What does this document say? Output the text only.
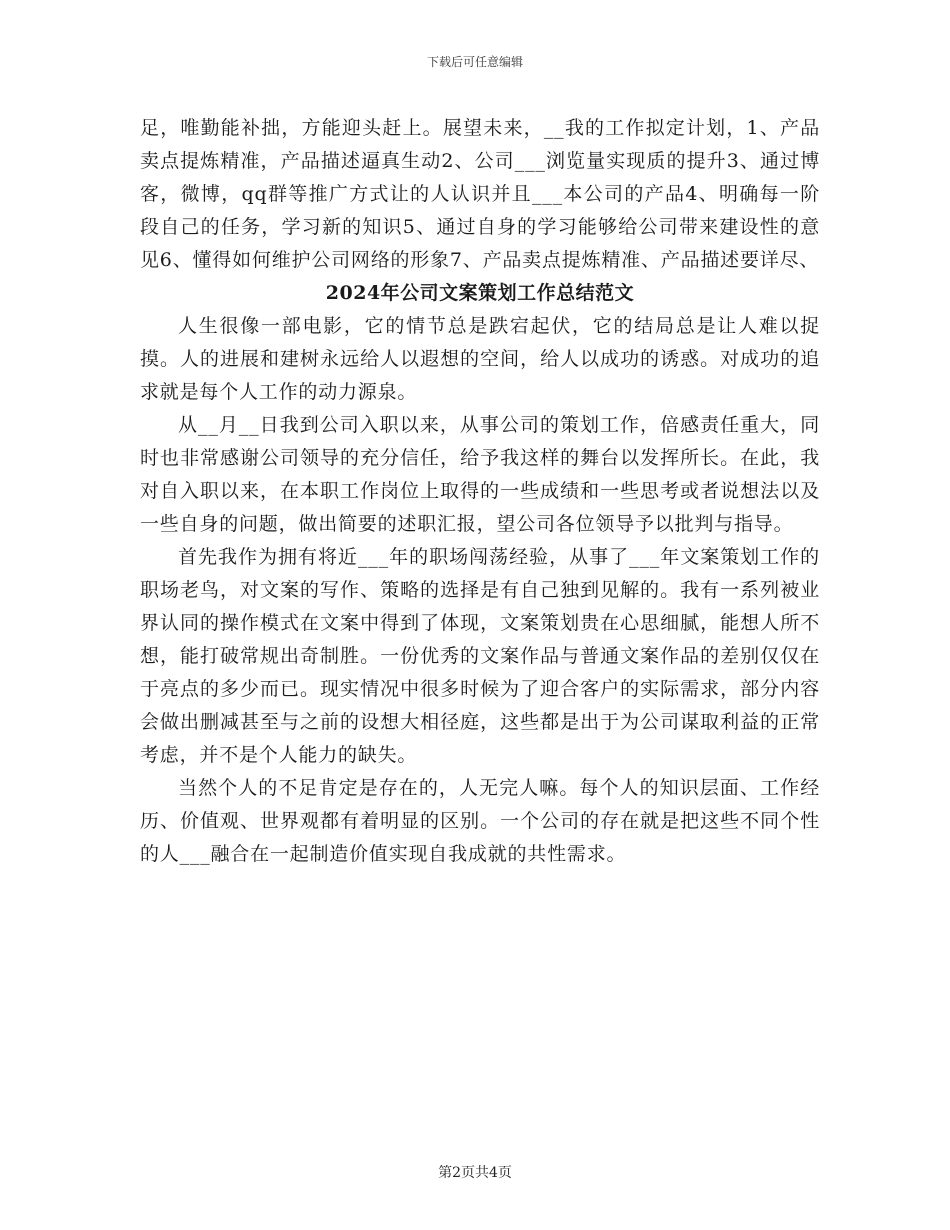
下载后可任意编辑

足，唯勤能补拙，方能迎头赶上。展望未来，__我的工作拟定计划，1、产品卖点提炼精准，产品描述逼真生动2、公司___浏览量实现质的提升3、通过博客，微博，qq群等推广方式让的人认识并且___本公司的产品4、明确每一阶段自己的任务，学习新的知识5、通过自身的学习能够给公司带来建设性的意见6、懂得如何维护公司网络的形象7、产品卖点提炼精准、产品描述要详尽、

2024年公司文案策划工作总结范文

人生很像一部电影，它的情节总是跌宕起伏，它的结局总是让人难以捉摸。人的进展和建树永远给人以遐想的空间，给人以成功的诱惑。对成功的追求就是每个人工作的动力源泉。

从__月__日我到公司入职以来，从事公司的策划工作，倍感责任重大，同时也非常感谢公司领导的充分信任，给予我这样的舞台以发挥所长。在此，我对自入职以来，在本职工作岗位上取得的一些成绩和一些思考或者说想法以及一些自身的问题，做出简要的述职汇报，望公司各位领导予以批判与指导。

首先我作为拥有将近___年的职场闯荡经验，从事了___年文案策划工作的职场老鸟，对文案的写作、策略的选择是有自己独到见解的。我有一系列被业界认同的操作模式在文案中得到了体现，文案策划贵在心思细腻，能想人所不想，能打破常规出奇制胜。一份优秀的文案作品与普通文案作品的差别仅仅在于亮点的多少而已。现实情况中很多时候为了迎合客户的实际需求，部分内容会做出删减甚至与之前的设想大相径庭，这些都是出于为公司谋取利益的正常考虑，并不是个人能力的缺失。

当然个人的不足肯定是存在的，人无完人嘛。每个人的知识层面、工作经历、价值观、世界观都有着明显的区别。一个公司的存在就是把这些不同个性的人___融合在一起制造价值实现自我成就的共性需求。

第2页共4页
